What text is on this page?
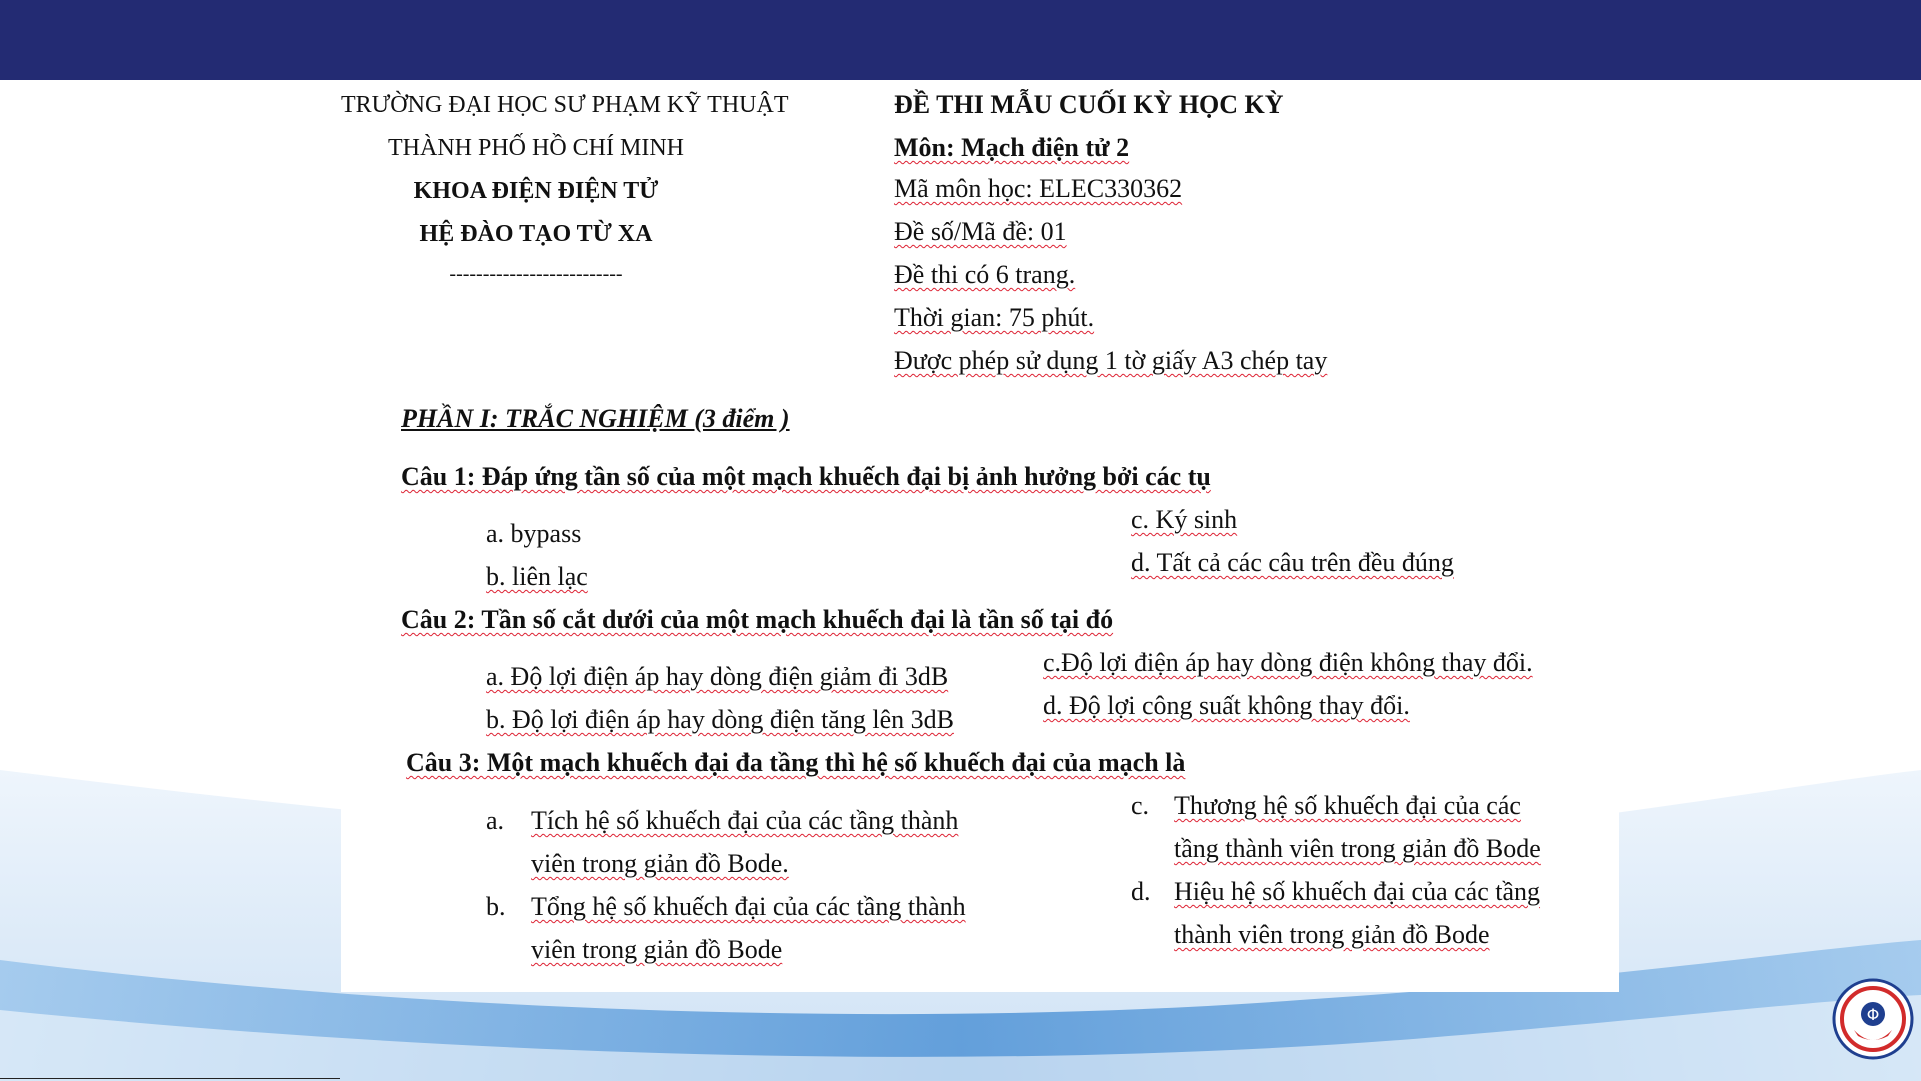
TRƯỜNG ĐẠI HỌC SƯ PHẠM KỸ THUẬT
THÀNH PHỐ HỒ CHÍ MINH
KHOA ĐIỆN ĐIỆN TỬ
HỆ ĐÀO TẠO TỪ XA
--------------------------
ĐỀ THI MẪU CUỐI KỲ HỌC KỲ
Môn: Mạch điện tử 2
Mã môn học: ELEC330362
Đề số/Mã đề: 01
Đề thi có 6 trang.
Thời gian: 75 phút.
Được phép sử dụng 1 tờ giấy A3 chép tay
PHẦN I: TRẮC NGHIỆM (3 điểm )
Câu 1: Đáp ứng tần số của một mạch khuếch đại bị ảnh hưởng bởi các tụ
a. bypass
b. liên lạc
c. Ký sinh
d. Tất cả các câu trên đều đúng
Câu 2: Tần số cắt dưới của một mạch khuếch đại là tần số tại đó
a. Độ lợi điện áp hay dòng điện giảm đi 3dB
b. Độ lợi điện áp hay dòng điện tăng lên 3dB
c.Độ lợi điện áp hay dòng điện không thay đổi.
d. Độ lợi công suất không thay đổi.
Câu 3: Một mạch khuếch đại đa tầng thì hệ số khuếch đại của mạch là
a. Tích hệ số khuếch đại của các tầng thành
viên trong giản đồ Bode.
b. Tổng hệ số khuếch đại của các tầng thành
viên trong giản đồ Bode
c. Thương hệ số khuếch đại của các
tầng thành viên trong giản đồ Bode
d. Hiệu hệ số khuếch đại của các tầng
thành viên trong giản đồ Bode
Φ
